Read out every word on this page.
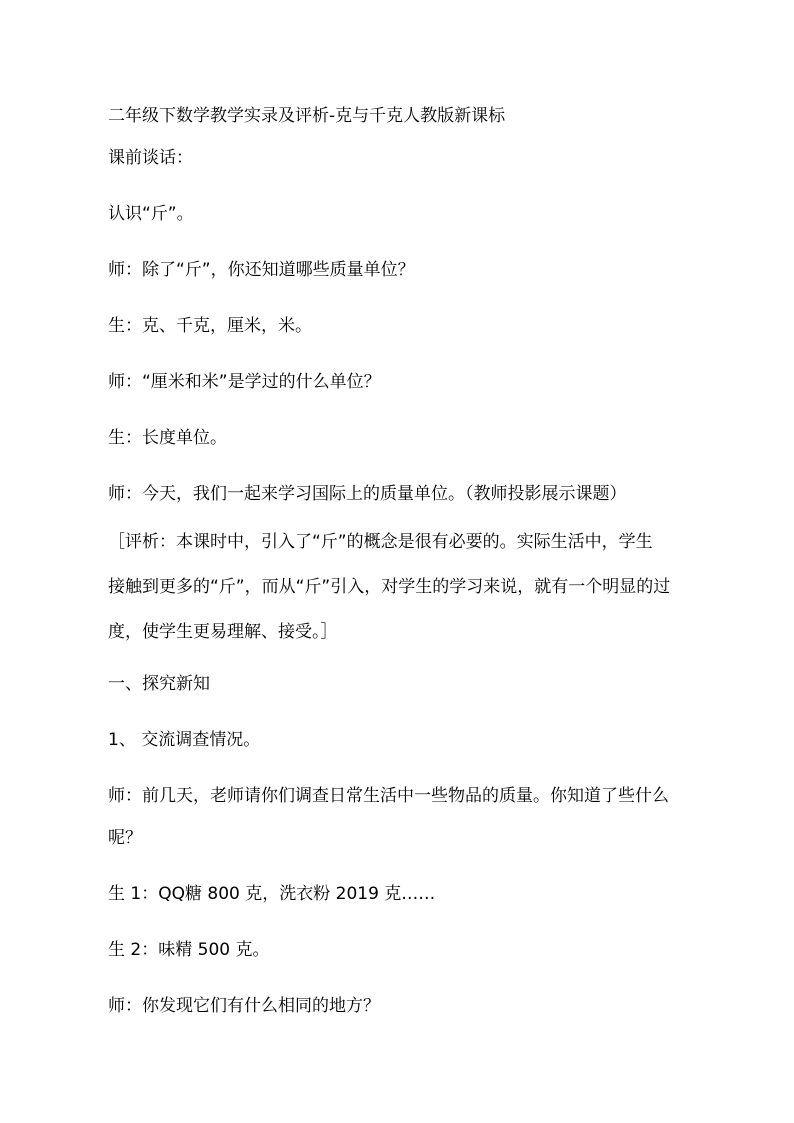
二年级下数学教学实录及评析-克与千克人教版新课标
课前谈话：
认识“斤”。
师：除了“斤”，你还知道哪些质量单位？
生：克、千克，厘米，米。
师：“厘米和米”是学过的什么单位？
生：长度单位。
师：今天，我们一起来学习国际上的质量单位。（教师投影展示课题）
［评析：本课时中，引入了“斤”的概念是很有必要的。实际生活中，学生
接触到更多的“斤”，而从“斤”引入，对学生的学习来说，就有一个明显的过
度，使学生更易理解、接受。］
一、探究新知
1、 交流调查情况。
师：前几天，老师请你们调查日常生活中一些物品的质量。你知道了些什么
呢？
生 1：QQ糖 800 克，洗衣粉 2019 克……
生 2：味精 500 克。
师：你发现它们有什么相同的地方？
